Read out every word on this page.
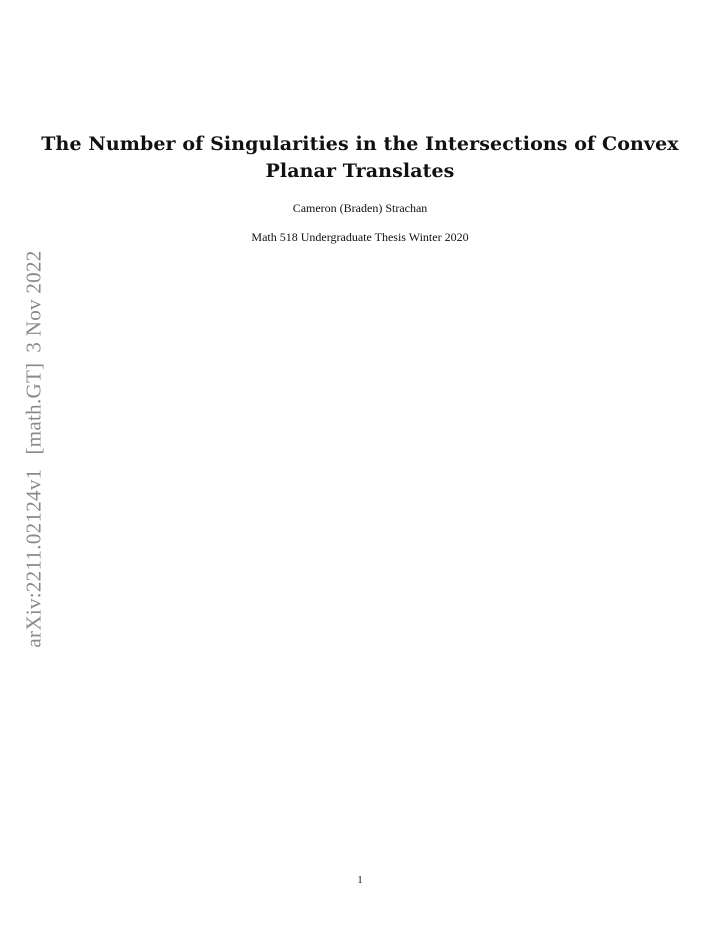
arXiv:2211.02124v1[math.GT]3 Nov 2022
The Number of Singularities in the Intersections of Convex
Planar Translates
Cameron (Braden) Strachan
Math 518 Undergraduate Thesis Winter 2020
1
